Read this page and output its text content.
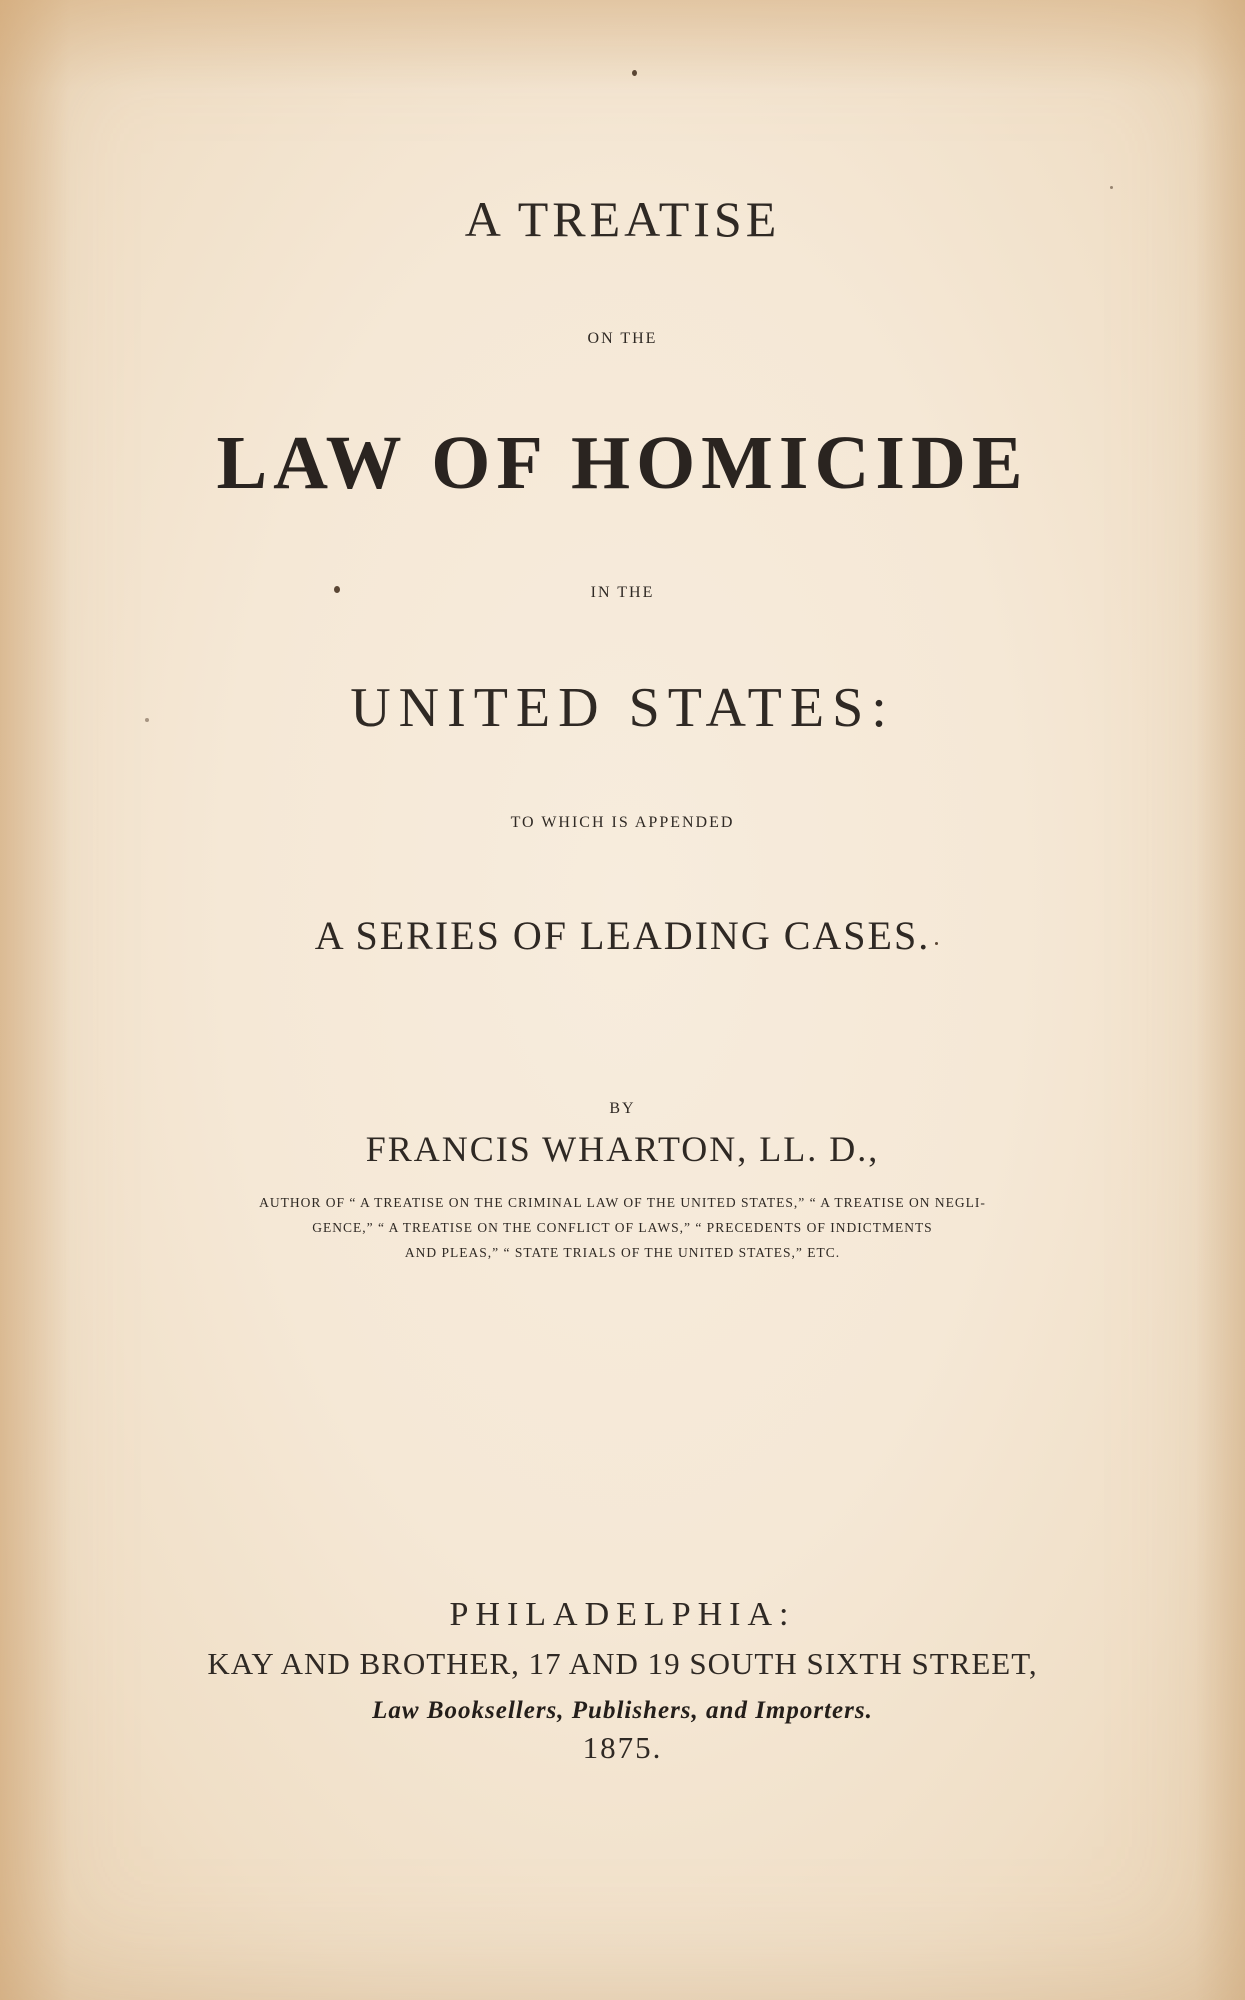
A TREATISE
ON THE
LAW OF HOMICIDE
IN THE
UNITED STATES:
TO WHICH IS APPENDED
A SERIES OF LEADING CASES.
BY
FRANCIS WHARTON, LL. D.,
AUTHOR OF “ A TREATISE ON THE CRIMINAL LAW OF THE UNITED STATES,” “ A TREATISE ON NEGLI-
GENCE,” “ A TREATISE ON THE CONFLICT OF LAWS,” “ PRECEDENTS OF INDICTMENTS
AND PLEAS,” “ STATE TRIALS OF THE UNITED STATES,” ETC.
PHILADELPHIA:
KAY AND BROTHER, 17 AND 19 SOUTH SIXTH STREET,
Law Booksellers, Publishers, and Importers.
1875.
